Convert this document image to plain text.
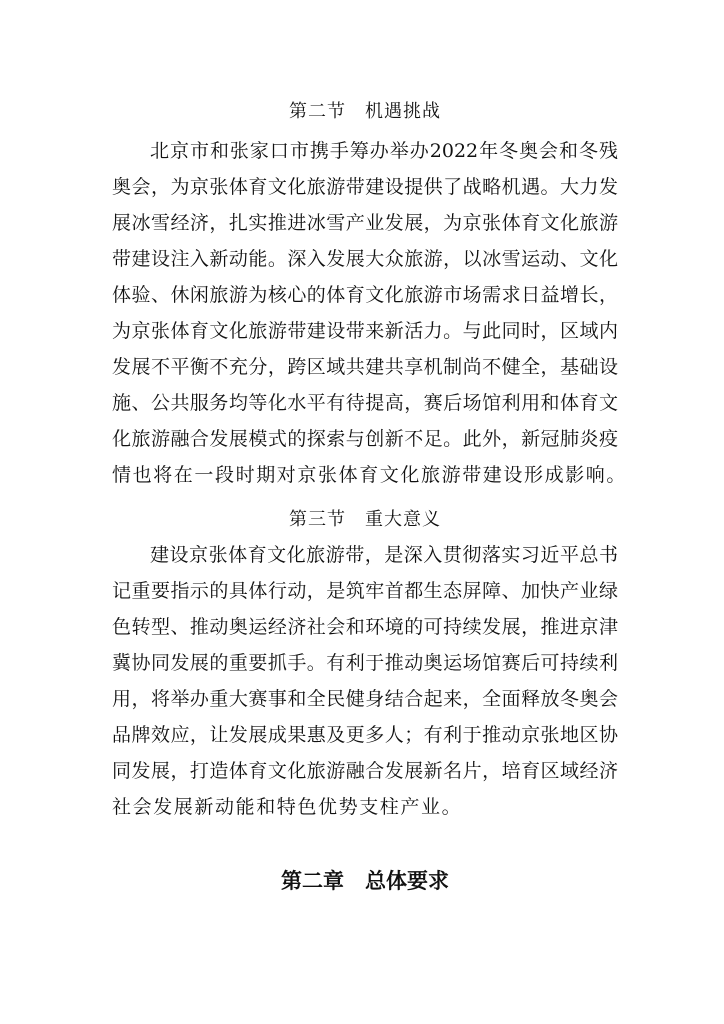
第二节　机遇挑战
北京市和张家口市携手筹办举办2022年冬奥会和冬残
奥会，为京张体育文化旅游带建设提供了战略机遇。大力发
展冰雪经济，扎实推进冰雪产业发展，为京张体育文化旅游
带建设注入新动能。深入发展大众旅游，以冰雪运动、文化
体验、休闲旅游为核心的体育文化旅游市场需求日益增长，
为京张体育文化旅游带建设带来新活力。与此同时，区域内
发展不平衡不充分，跨区域共建共享机制尚不健全，基础设
施、公共服务均等化水平有待提高，赛后场馆利用和体育文
化旅游融合发展模式的探索与创新不足。此外，新冠肺炎疫
情也将在一段时期对京张体育文化旅游带建设形成影响。
第三节　重大意义
建设京张体育文化旅游带，是深入贯彻落实习近平总书
记重要指示的具体行动，是筑牢首都生态屏障、加快产业绿
色转型、推动奥运经济社会和环境的可持续发展，推进京津
冀协同发展的重要抓手。有利于推动奥运场馆赛后可持续利
用，将举办重大赛事和全民健身结合起来，全面释放冬奥会
品牌效应，让发展成果惠及更多人；有利于推动京张地区协
同发展，打造体育文化旅游融合发展新名片，培育区域经济
社会发展新动能和特色优势支柱产业。
第二章　总体要求
